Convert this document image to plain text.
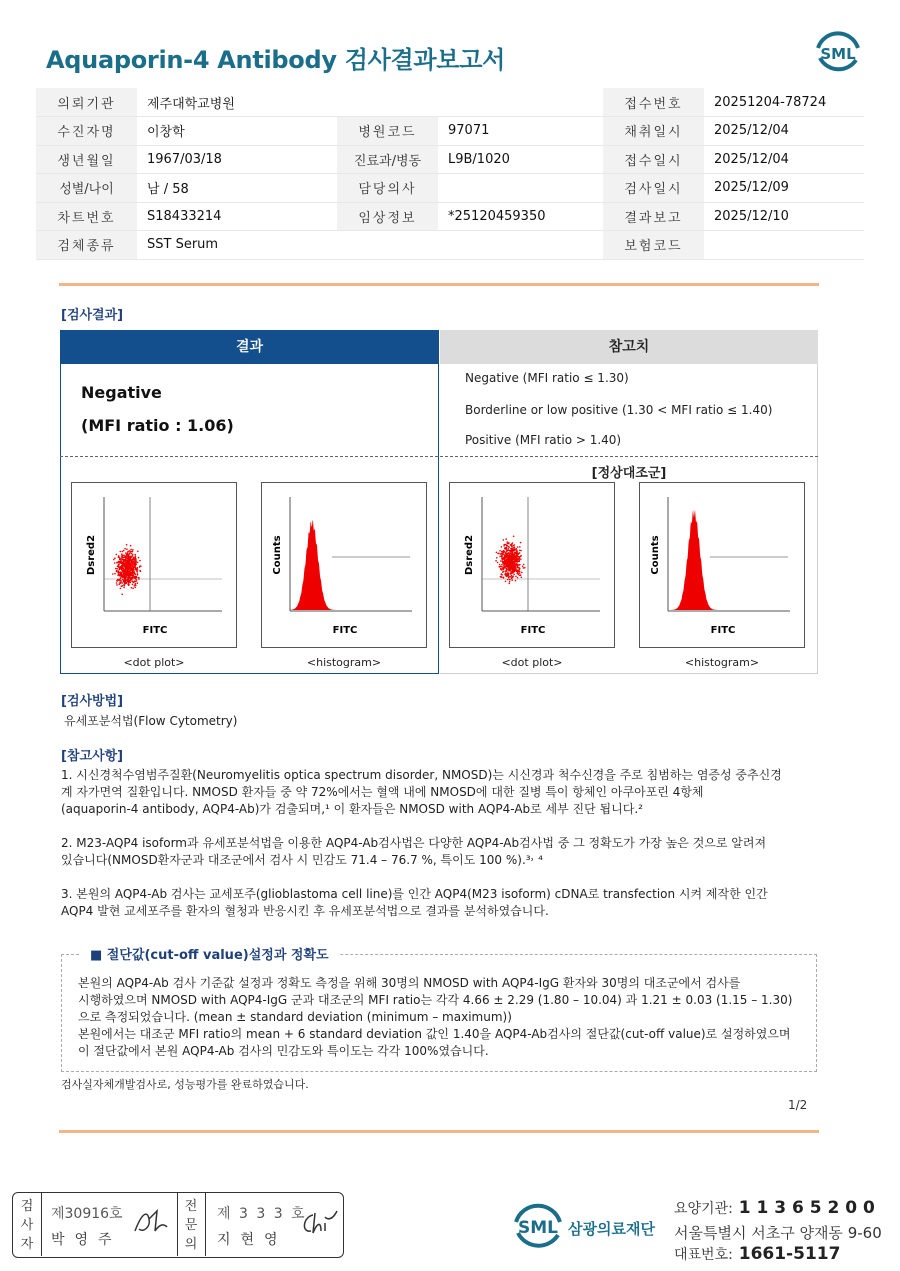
Aquaporin-4 Antibody 검사결과보고서	SML
의뢰기관	제주대학교병원			접수번호	20251204-78724
수진자명	이창학	병원코드	97071	채취일시	2025/12/04
생년월일	1967/03/18	진료과/병동	L9B/1020	접수일시	2025/12/04
성별/나이	남 / 58	담당의사		검사일시	2025/12/09
차트번호	S18433214	임상정보	*25120459350	결과보고	2025/12/10
검체종류	SST Serum			보험코드	
[검사결과]
결과	참고치
Negative
(MFI ratio : 1.06)
Negative (MFI ratio ≤ 1.30)
Borderline or low positive (1.30 < MFI ratio ≤ 1.40)
Positive (MFI ratio > 1.40)
[정상대조군]
Dsred2
FITC
<dot plot>
Counts
FITC
<histogram>
Dsred2
FITC
<dot plot>
Counts
FITC
<histogram>
[검사방법]
유세포분석법(Flow Cytometry)
[참고사항]
1. 시신경척수염범주질환(Neuromyelitis optica spectrum disorder, NMOSD)는 시신경과 척수신경을 주로 침범하는 염증성 중추신경
계 자가면역 질환입니다. NMOSD 환자들 중 약 72%에서는 혈액 내에 NMOSD에 대한 질병 특이 항체인 아쿠아포린 4항체
(aquaporin-4 antibody, AQP4-Ab)가 검출되며,¹ 이 환자들은 NMOSD with AQP4-Ab로 세부 진단 됩니다.²
2. M23-AQP4 isoform과 유세포분석법을 이용한 AQP4-Ab검사법은 다양한 AQP4-Ab검사법 중 그 정확도가 가장 높은 것으로 알려져
있습니다(NMOSD환자군과 대조군에서 검사 시 민감도 71.4 – 76.7 %, 특이도 100 %).³˒ ⁴
3. 본원의 AQP4-Ab 검사는 교세포주(glioblastoma cell line)를 인간 AQP4(M23 isoform) cDNA로 transfection 시켜 제작한 인간
AQP4 발현 교세포주를 환자의 혈청과 반응시킨 후 유세포분석법으로 결과를 분석하였습니다.
■ 절단값(cut-off value)설정과 정확도
본원의 AQP4-Ab 검사 기준값 설정과 정확도 측정을 위해 30명의 NMOSD with AQP4-IgG 환자와 30명의 대조군에서 검사를
시행하였으며 NMOSD with AQP4-IgG 군과 대조군의 MFI ratio는 각각 4.66 ± 2.29 (1.80 – 10.04) 과 1.21 ± 0.03 (1.15 – 1.30)
으로 측정되었습니다. (mean ± standard deviation (minimum – maximum))
본원에서는 대조군 MFI ratio의 mean + 6 standard deviation 값인 1.40을 AQP4-Ab검사의 절단값(cut-off value)로 설정하였으며
이 절단값에서 본원 AQP4-Ab 검사의 민감도와 특이도는 각각 100%였습니다.
검사실자체개발검사로, 성능평가를 완료하였습니다.
1/2
검
사
자
제30916호
박영주
전
문
의
제 3 3 3 호
지현영
SML 삼광의료재단
요양기관: 1 1 3 6 5 2 0 0
서울특별시 서초구 양재동 9-60
대표번호: 1661-5117
